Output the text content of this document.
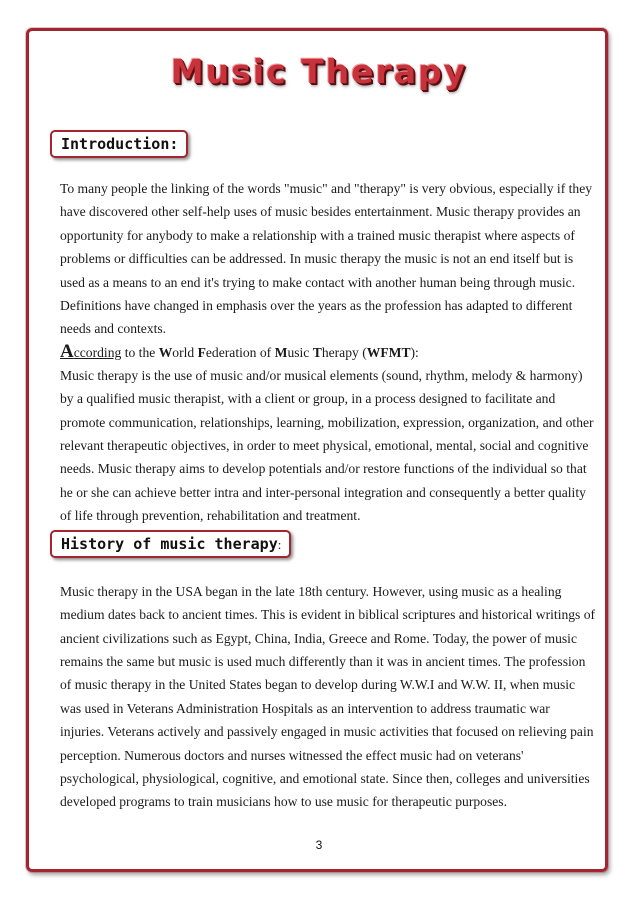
Music Therapy
Introduction:

To many people the linking of the words "music" and "therapy" is very obvious, especially if they have discovered other self-help uses of music besides entertainment. Music therapy provides an opportunity for anybody to make a relationship with a trained music therapist where aspects of problems or difficulties can be addressed. In music therapy the music is not an end itself but is used as a means to an end it's trying to make contact with another human being through music. Definitions have changed in emphasis over the years as the profession has adapted to different needs and contexts.

According to the World Federation of Music Therapy (WFMT):

Music therapy is the use of music and/or musical elements (sound, rhythm, melody & harmony) by a qualified music therapist, with a client or group, in a process designed to facilitate and promote communication, relationships, learning, mobilization, expression, organization, and other relevant therapeutic objectives, in order to meet physical, emotional, mental, social and cognitive needs. Music therapy aims to develop potentials and/or restore functions of the individual so that he or she can achieve better intra and inter-personal integration and consequently a better quality of life through prevention, rehabilitation and treatment.

History of music therapy:

Music therapy in the USA began in the late 18th century. However, using music as a healing medium dates back to ancient times. This is evident in biblical scriptures and historical writings of ancient civilizations such as Egypt, China, India, Greece and Rome. Today, the power of music remains the same but music is used much differently than it was in ancient times. The profession of music therapy in the United States began to develop during W.W.I and W.W. II, when music was used in Veterans Administration Hospitals as an intervention to address traumatic war injuries. Veterans actively and passively engaged in music activities that focused on relieving pain perception. Numerous doctors and nurses witnessed the effect music had on veterans' psychological, physiological, cognitive, and emotional state. Since then, colleges and universities developed programs to train musicians how to use music for therapeutic purposes.

3
